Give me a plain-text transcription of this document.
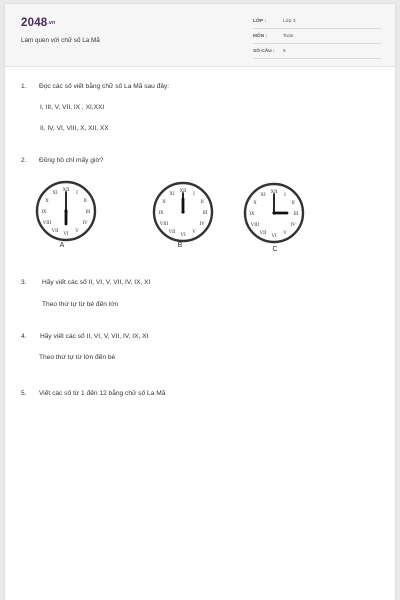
2048.vn
Làm quen với chữ số La Mã
LỚP :	Lớp 3
MÔN :	Toán
SỐ CÂU : 5
1. Đọc các số viết bằng chữ số La Mã sau đây:
I, III, V, VII, IX , XI,XXI
II, IV, VI, VIII, X, XII, XX
2. Đồng hồ chỉ mấy giờ?
XII
I
II
III
IV
V
VI
VII
VIII
IX
X
XI	XII
I
II
III
IV
V
VI
VII
VIII
IX
X
XI	XII
I
II
III
IV
V
VI
VII
VIII
IX
X
XI
A	B
C
3. Hãy viết các số II, VI, V, VII, IV, IX, XI
Theo thứ tự từ bé đến lớn
4. Hãy viết các số II, VI, V, VII, IV, IX, XI
Theo thứ tự từ lớn đến bé
5. Viết các số từ 1 đến 12 bằng chữ số La Mã
